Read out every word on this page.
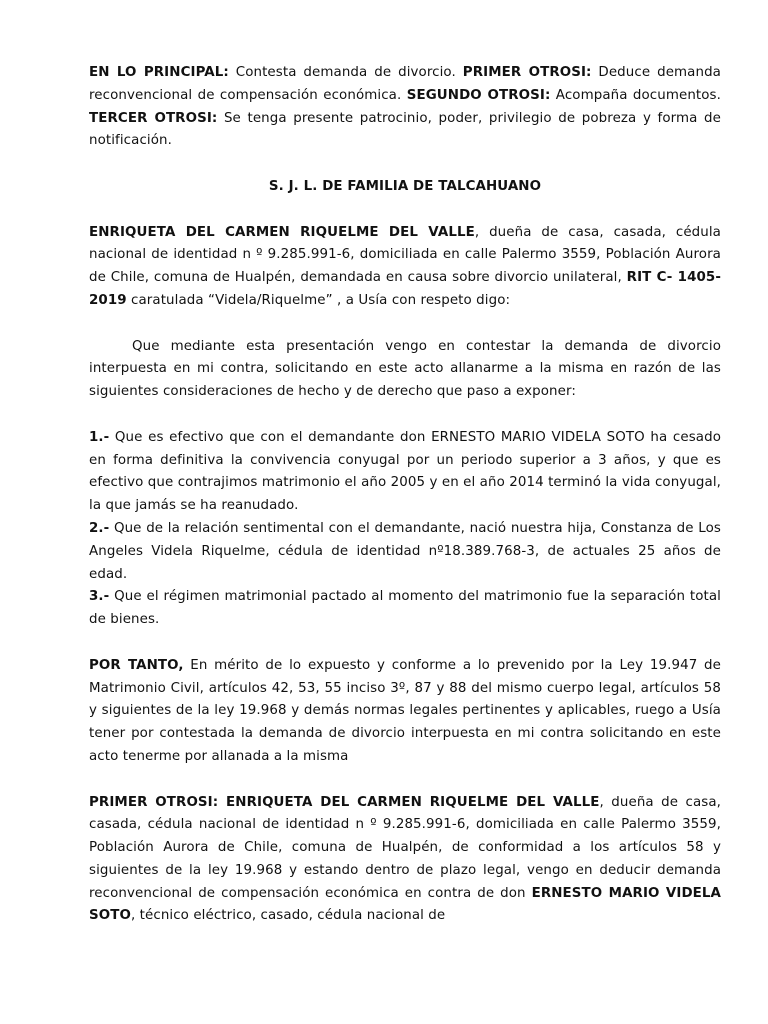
EN LO PRINCIPAL: Contesta demanda de divorcio. PRIMER OTROSI: Deduce demanda reconvencional de compensación económica. SEGUNDO OTROSI: Acompaña documentos. TERCER OTROSI: Se tenga presente patrocinio, poder, privilegio de pobreza y forma de notificación.

S. J. L. DE FAMILIA DE TALCAHUANO

ENRIQUETA DEL CARMEN RIQUELME DEL VALLE, dueña de casa, casada, cédula nacional de identidad n º 9.285.991-6, domiciliada en calle Palermo 3559, Población Aurora de Chile, comuna de Hualpén, demandada en causa sobre divorcio unilateral, RIT C- 1405-2019 caratulada “Videla/Riquelme” , a Usía con respeto digo:

Que mediante esta presentación vengo en contestar la demanda de divorcio interpuesta en mi contra, solicitando en este acto allanarme a la misma en razón de las siguientes consideraciones de hecho y de derecho que paso a exponer:

1.- Que es efectivo que con el demandante don ERNESTO MARIO VIDELA SOTO ha cesado en forma definitiva la convivencia conyugal por un periodo superior a 3 años, y que es efectivo que contrajimos matrimonio el año 2005 y en el año 2014 terminó la vida conyugal, la que jamás se ha reanudado.

2.- Que de la relación sentimental con el demandante, nació nuestra hija, Constanza de Los Angeles Videla Riquelme, cédula de identidad nº18.389.768-3, de actuales 25 años de edad.

3.- Que el régimen matrimonial pactado al momento del matrimonio fue la separación total de bienes.

POR TANTO, En mérito de lo expuesto y conforme a lo prevenido por la Ley 19.947 de Matrimonio Civil, artículos 42, 53, 55 inciso 3º, 87 y 88 del mismo cuerpo legal, artículos 58 y siguientes de la ley 19.968 y demás normas legales pertinentes y aplicables, ruego a Usía tener por contestada la demanda de divorcio interpuesta en mi contra solicitando en este acto tenerme por allanada a la misma

PRIMER OTROSI: ENRIQUETA DEL CARMEN RIQUELME DEL VALLE, dueña de casa, casada, cédula nacional de identidad n º 9.285.991-6, domiciliada en calle Palermo 3559, Población Aurora de Chile, comuna de Hualpén, de conformidad a los artículos 58 y siguientes de la ley 19.968 y estando dentro de plazo legal, vengo en deducir demanda reconvencional de compensación económica en contra de don ERNESTO MARIO VIDELA SOTO, técnico eléctrico, casado, cédula nacional de
